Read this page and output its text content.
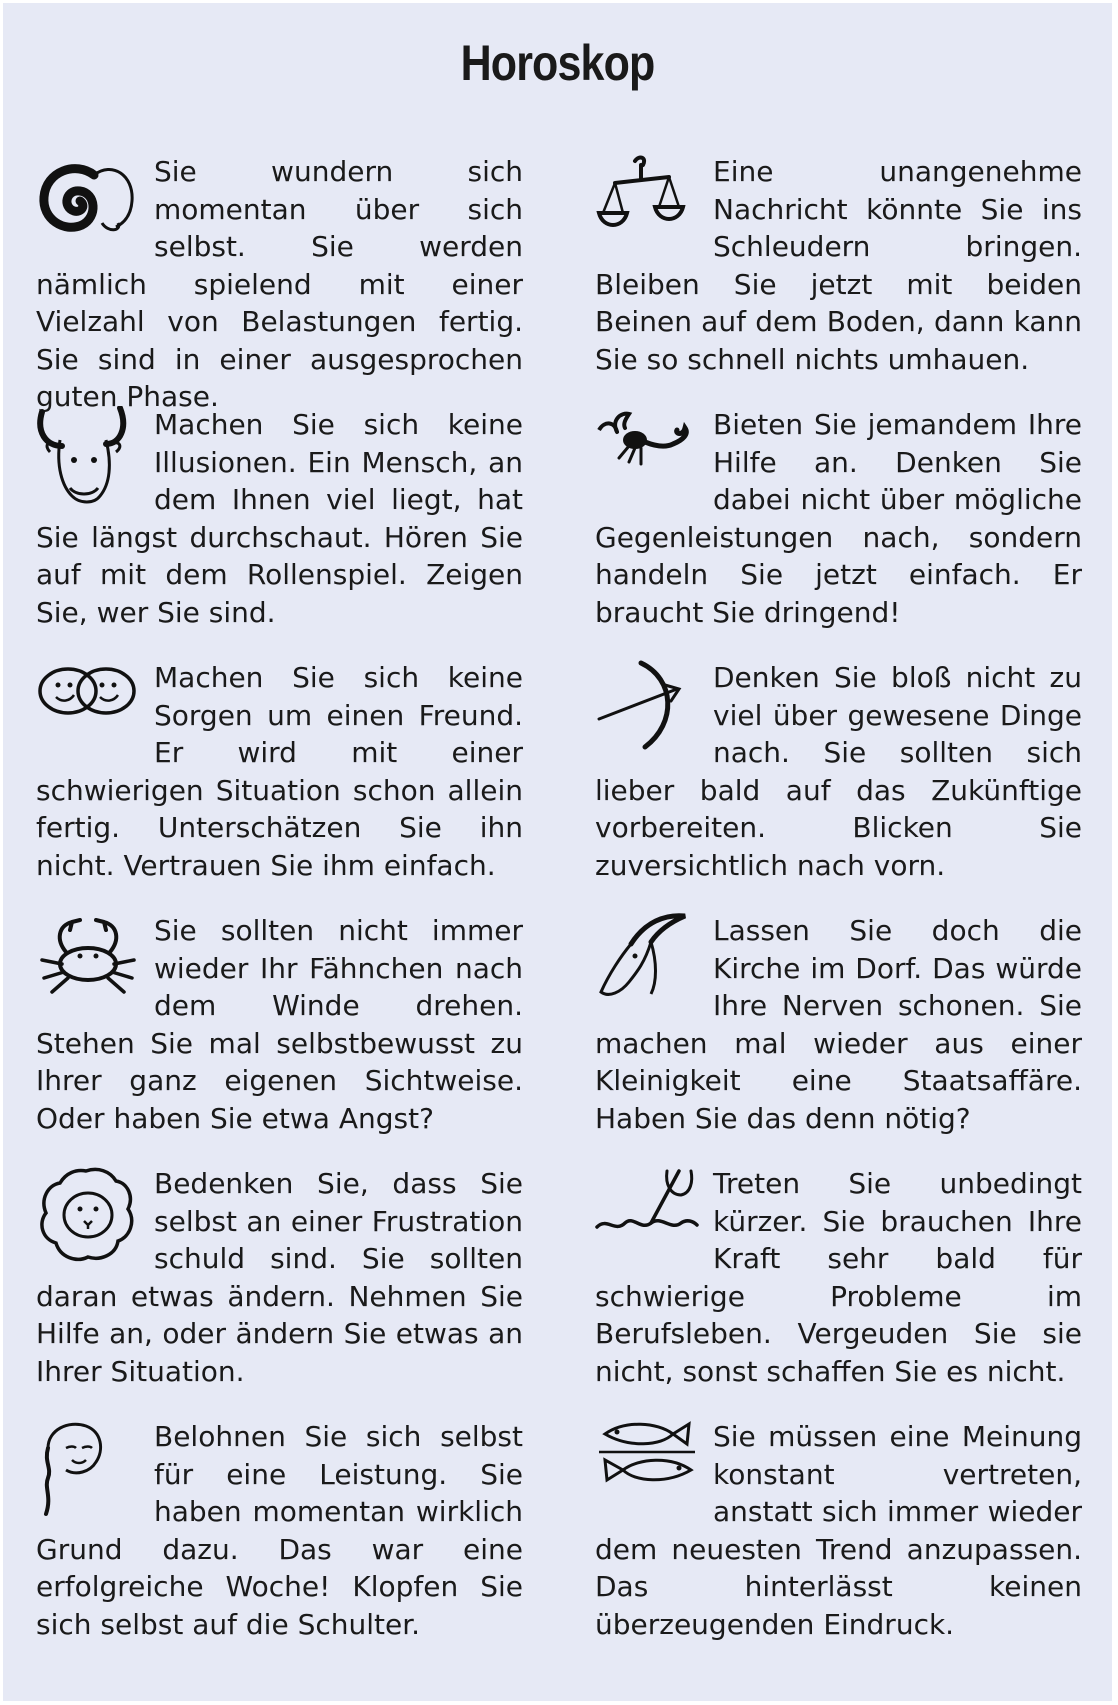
Horoskop

Sie wundern sich momentan über sich selbst. Sie werden nämlich spielend mit einer Vielzahl von Belastungen fertig. Sie sind in einer ausgesprochen guten Phase.

Machen Sie sich keine Illusionen. Ein Mensch, an dem Ihnen viel liegt, hat Sie längst durchschaut. Hören Sie auf mit dem Rollenspiel. Zeigen Sie, wer Sie sind.

Machen Sie sich keine Sorgen um einen Freund. Er wird mit einer schwierigen Situation schon allein fertig. Unterschätzen Sie ihn nicht. Vertrauen Sie ihm einfach.

Sie sollten nicht immer wieder Ihr Fähnchen nach dem Winde drehen. Stehen Sie mal selbstbewusst zu Ihrer ganz eigenen Sichtweise. Oder haben Sie etwa Angst?

Bedenken Sie, dass Sie selbst an einer Frustration schuld sind. Sie sollten daran etwas ändern. Nehmen Sie Hilfe an, oder ändern Sie etwas an Ihrer Situation.

Belohnen Sie sich selbst für eine Leistung. Sie haben momentan wirklich Grund dazu. Das war eine erfolgreiche Woche! Klopfen Sie sich selbst auf die Schulter.

Eine unangenehme Nachricht könnte Sie ins Schleudern bringen. Bleiben Sie jetzt mit beiden Beinen auf dem Boden, dann kann Sie so schnell nichts umhauen.

Bieten Sie jemandem Ihre Hilfe an. Denken Sie dabei nicht über mögliche Gegenleistungen nach, sondern handeln Sie jetzt einfach. Er braucht Sie dringend!

Denken Sie bloß nicht zu viel über gewesene Dinge nach. Sie sollten sich lieber bald auf das Zukünftige vorbereiten. Blicken Sie zuversichtlich nach vorn.

Lassen Sie doch die Kirche im Dorf. Das würde Ihre Nerven schonen. Sie machen mal wieder aus einer Kleinigkeit eine Staatsaffäre. Haben Sie das denn nötig?

Treten Sie unbedingt kürzer. Sie brauchen Ihre Kraft sehr bald für schwierige Probleme im Berufsleben. Vergeuden Sie sie nicht, sonst schaffen Sie es nicht.

Sie müssen eine Meinung konstant vertreten, anstatt sich immer wieder dem neuesten Trend anzupassen. Das hinterlässt keinen überzeugenden Eindruck.
